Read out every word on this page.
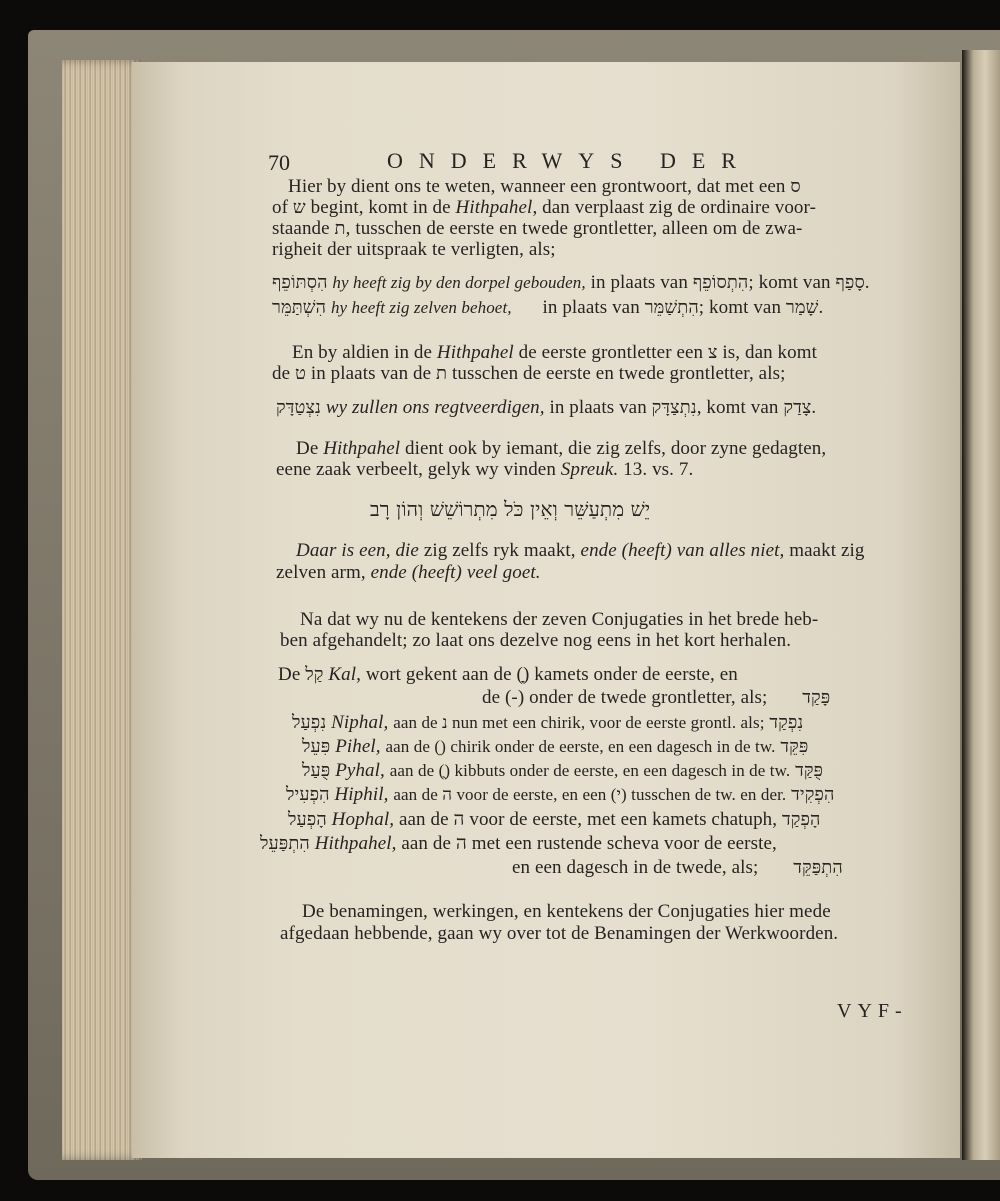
70	ONDERWYS DER
Hier by dient ons te weten, wanneer een grontwoort, dat met een ס
of ש begint, komt in de Hithpahel, dan verplaast zig de ordinaire voor-
staande ת, tusschen de eerste en twede grontletter, alleen om de zwa-
righeit der uitspraak te verligten, als;
הִסְתּוֹפֵף hy heeft zig by den dorpel gebouden, in plaats van הִתְסוֹפֵף; komt van סָפַף.
הִשְׁתַּמֵּר hy heeft zig zelven behoet, in plaats van הִתְשַׁמֵּר; komt van שָׁמַר.
En by aldien in de Hithpahel de eerste grontletter een צ is, dan komt
de ט in plaats van de ת tusschen de eerste en twede grontletter, als;
נִצְטַדָּק wy zullen ons regtveerdigen, in plaats van נִתְצַדָּק, komt van צָדַק.
De Hithpahel dient ook by iemant, die zig zelfs, door zyne gedagten,
eene zaak verbeelt, gelyk wy vinden Spreuk. 13. vs. 7.
יֵשׁ מִתְעַשֵּׁר וְאֵין כֹּל מִתְרוֹשֵׁשׁ וְהוֹן רָב
Daar is een, die zig zelfs ryk maakt, ende (heeft) van alles niet, maakt zig
zelven arm, ende (heeft) veel goet.
Na dat wy nu de kentekens der zeven Conjugaties in het brede heb-
ben afgehandelt; zo laat ons dezelve nog eens in het kort herhalen.
De קַל Kal, wort gekent aan de (ָ) kamets onder de eerste, en
de (-) onder de twede grontletter, als; פָּקַד
נִפְעַל Niphal, aan de נ nun met een chirik, voor de eerste grontl. als; נִפְקַד
פִּעֵל Pihel, aan de (ִ) chirik onder de eerste, en een dagesch in de tw. פִּקֵּד
פֻּעַל Pyhal, aan de (ֻ) kibbuts onder de eerste, en een dagesch in de tw. פֻּקַּד
הִפְעִיל Hiphil, aan de ה voor de eerste, en een (י) tusschen de tw. en der. הִפְקִיד
הָפְעַל Hophal, aan de ה voor de eerste, met een kamets chatuph, הָפְקַד
הִתְפַּעֵל Hithpahel, aan de ה met een rustende scheva voor de eerste,
en een dagesch in de twede, als; הִתְפַּקֵּד
De benamingen, werkingen, en kentekens der Conjugaties hier mede
afgedaan hebbende, gaan wy over tot de Benamingen der Werkwoorden.
VYF-
